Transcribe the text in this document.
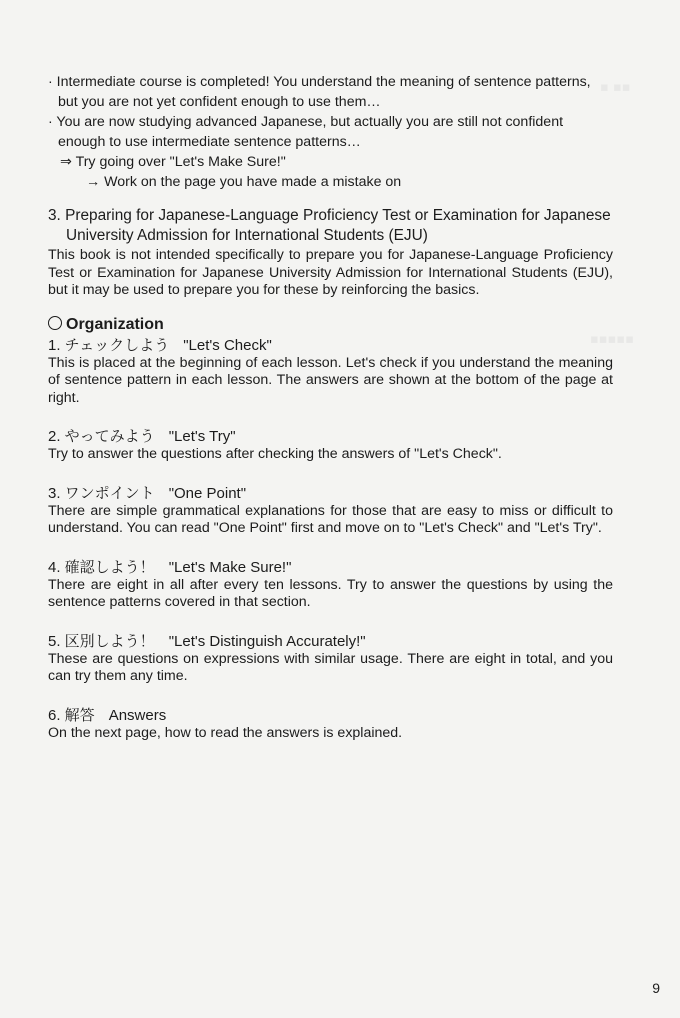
▪ ▪▪
▪▪▪▪▪

· Intermediate course is completed! You understand the meaning of sentence patterns, but you are not yet confident enough to use them…

· You are now studying advanced Japanese, but actually you are still not confident enough to use intermediate sentence patterns…

⇒ Try going over "Let's Make Sure!"

→ Work on the page you have made a mistake on

3. Preparing for Japanese-Language Proficiency Test or Examination for Japanese University Admission for International Students (EJU)

This book is not intended specifically to prepare you for Japanese-Language Proficiency Test or Examination for Japanese University Admission for International Students (EJU), but it may be used to prepare you for these by reinforcing the basics.

Organization
1. チェックしよう "Let's Check"

This is placed at the beginning of each lesson. Let's check if you understand the meaning of sentence pattern in each lesson. The answers are shown at the bottom of the page at right.

2. やってみよう "Let's Try"

Try to answer the questions after checking the answers of "Let's Check".

3. ワンポイント "One Point"

There are simple grammatical explanations for those that are easy to miss or difficult to understand. You can read "One Point" first and move on to "Let's Check" and "Let's Try".

4. 確認しよう！ "Let's Make Sure!"

There are eight in all after every ten lessons. Try to answer the questions by using the sentence patterns covered in that section.

5. 区別しよう！ "Let's Distinguish Accurately!"

These are questions on expressions with similar usage. There are eight in total, and you can try them any time.

6. 解答 Answers

On the next page, how to read the answers is explained.

9
